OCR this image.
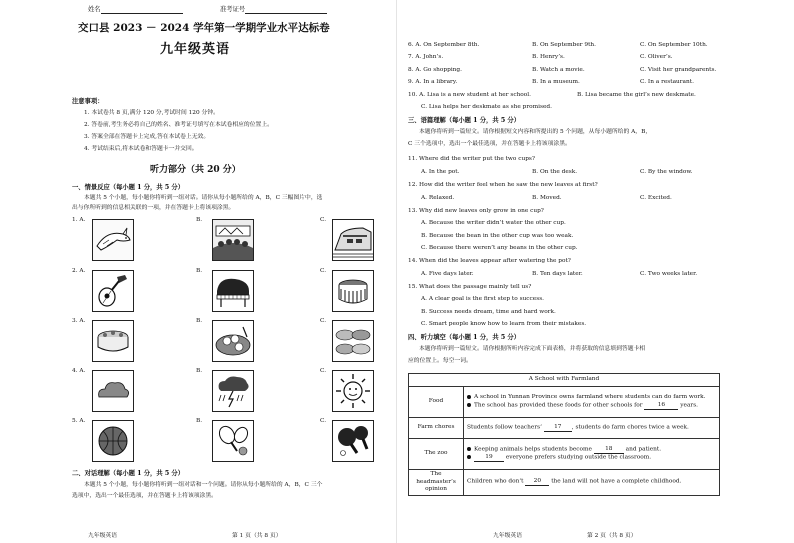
姓名	准考证号
交口县 2023 － 2024 学年第一学期学业水平达标卷
九年级英语
注意事项：
1. 本试卷共 8 页,满分 120 分,考试时间 120 分钟。
2. 答卷前,考生务必将自己的姓名、准考证号填写在本试卷相应的位置上。
3. 答案全部在答题卡上完成,答在本试卷上无效。
4. 考试结束后,将本试卷和答题卡一并交回。
听力部分（共 20 分）
一、情景反应（每小题 1 分，共 5 分）
本题共 5 个小题，每小题你将听到一组对话。请你从每小题所给的 A，B，C 三幅图片中，选
出与你所听到的信息相关联的一项，并在答题卡上将该项涂黑。
1. A.	B.	C.
2. A.	B.	C.
3. A.	B.	C.
4. A.	B.	C.
5. A.	B.	C.
二、对话理解（每小题 1 分，共 5 分）
本题共 5 个小题，每小题你将听到一组对话和一个问题。请你从每小题所给的 A，B，C 三个
选项中，选出一个最佳选项，并在答题卡上将该项涂黑。
九年级英语	第 1 页（共 8 页）
6. A. On September 8th.	B. On September 9th.	C. On September 10th.
7. A. John’s.	B. Henry’s.	C. Oliver’s.
8. A. Go shopping.	B. Watch a movie.	C. Visit her grandparents.
9. A. In a library.	B. In a museum.	C. In a restaurant.
10. A. Lisa is a new student at her school.	B. Lisa became the girl’s new deskmate.
C. Lisa helps her deskmate as she promised.
三、语篇理解（每小题 1 分，共 5 分）
本题你将听到一篇短文。请你根据短文内容和所提出的 5 个问题，从每小题所给的 A，B，
C 三个选项中，选出一个最佳选项，并在答题卡上将该项涂黑。
11. Where did the writer put the two cups?
A. In the pot.	B. On the desk.	C. By the window.
12. How did the writer feel when he saw the new leaves at first?
A. Relaxed.	B. Moved.	C. Excited.
13. Why did new leaves only grow in one cup?
A. Because the writer didn’t water the other cup.
B. Because the bean in the other cup was too weak.
C. Because there weren’t any beans in the other cup.
14. When did the leaves appear after watering the pot?
A. Five days later.	B. Ten days later.	C. Two weeks later.
15. What does the passage mainly tell us?
A. A clear goal is the first step to success.
B. Success needs dream, time and hard work.
C. Smart people know how to learn from their mistakes.
四、听力填空（每小题 1 分，共 5 分）
本题你将听到一篇短文。请你根据所听内容完成下面表格，并将获取的信息填到答题卡相
应的位置上。每空一词。
A School with Farmland	
Food	A school in Yunnan Province owns farmland where students can do farm work.
The school has provided these foods for other schools for 16 years.

Farm chores	Students follow teachers’ 17 , students do farm chores twice a week.
The zoo	Keeping animals helps students become 18 and patient.
19 everyone prefers studying outside the classroom.

The headmaster’s
opinion	Children who don’t 20 the land will not have a complete childhood.
九年级英语	第 2 页（共 8 页）
